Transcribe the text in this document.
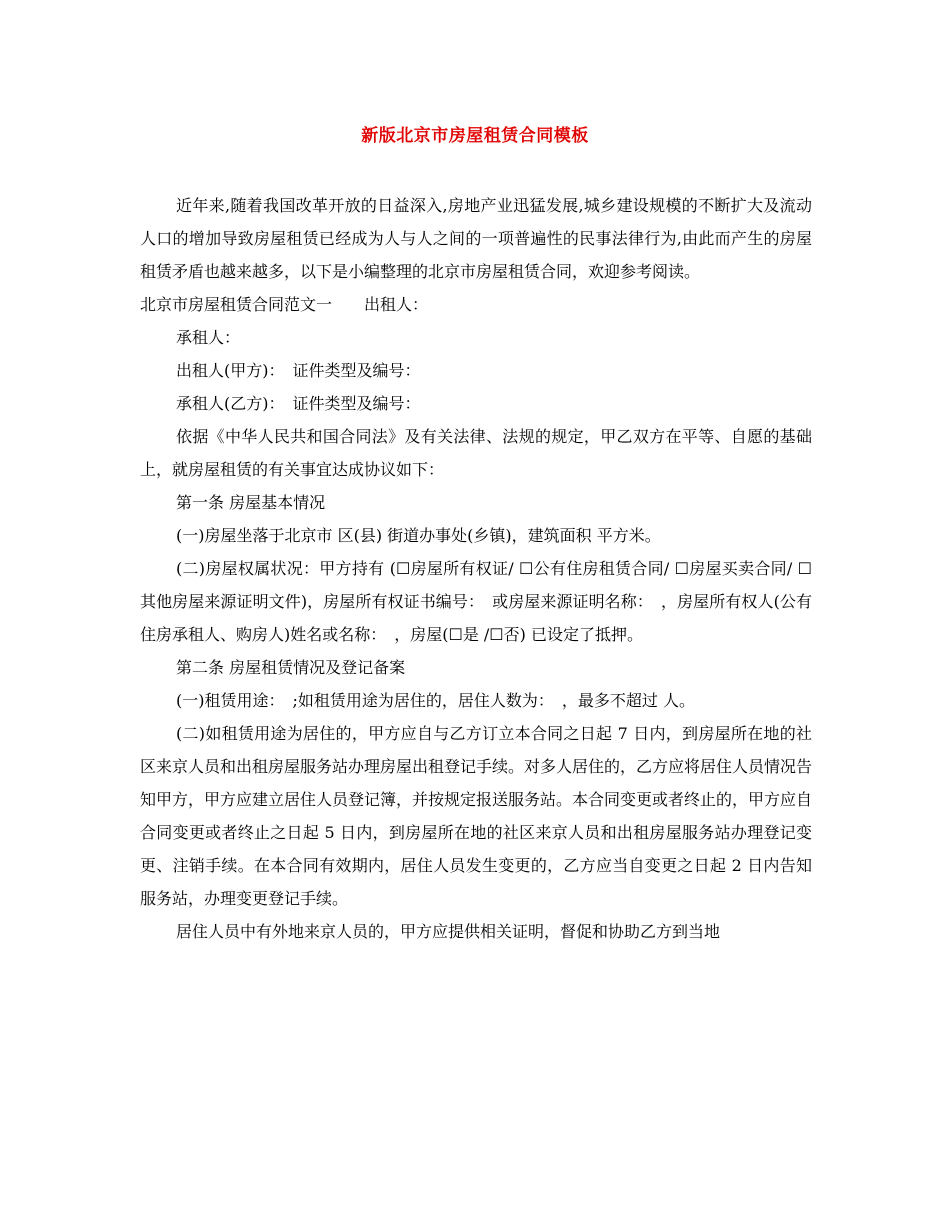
新版北京市房屋租赁合同模板

近年来,随着我国改革开放的日益深入,房地产业迅猛发展,城乡建设规模的不断扩大及流动人口的增加导致房屋租赁已经成为人与人之间的一项普遍性的民事法律行为,由此而产生的房屋租赁矛盾也越来越多，以下是小编整理的北京市房屋租赁合同，欢迎参考阅读。

北京市房屋租赁合同范文一　　出租人：

承租人：

出租人(甲方)：　证件类型及编号：

承租人(乙方)：　证件类型及编号：

依据《中华人民共和国合同法》及有关法律、法规的规定，甲乙双方在平等、自愿的基础上，就房屋租赁的有关事宜达成协议如下：

第一条 房屋基本情况

(一)房屋坐落于北京市 区(县) 街道办事处(乡镇)，建筑面积 平方米。

(二)房屋权属状况：甲方持有 (☐房屋所有权证/ ☐公有住房租赁合同/ ☐房屋买卖合同/ ☐其他房屋来源证明文件)，房屋所有权证书编号：　或房屋来源证明名称：　，房屋所有权人(公有住房承租人、购房人)姓名或名称：　，房屋(☐是 /☐否) 已设定了抵押。

第二条 房屋租赁情况及登记备案

(一)租赁用途：　;如租赁用途为居住的，居住人数为：　，最多不超过 人。

(二)如租赁用途为居住的，甲方应自与乙方订立本合同之日起 7 日内，到房屋所在地的社区来京人员和出租房屋服务站办理房屋出租登记手续。对多人居住的，乙方应将居住人员情况告知甲方，甲方应建立居住人员登记簿，并按规定报送服务站。本合同变更或者终止的，甲方应自合同变更或者终止之日起 5 日内，到房屋所在地的社区来京人员和出租房屋服务站办理登记变更、注销手续。在本合同有效期内，居住人员发生变更的，乙方应当自变更之日起 2 日内告知服务站，办理变更登记手续。

居住人员中有外地来京人员的，甲方应提供相关证明，督促和协助乙方到当地
